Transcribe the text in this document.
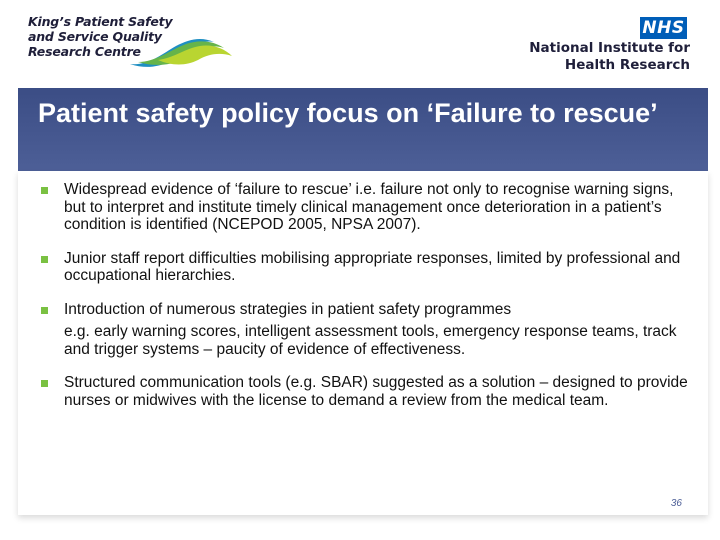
King’s Patient Safety
and Service Quality
Research Centre
NHS
National Institute for
Health Research
Patient safety policy focus on ‘Failure to rescue’
Widespread evidence of ‘failure to rescue’ i.e. failure not only to recognise warning signs, but to interpret and institute timely clinical management once deterioration in a patient’s condition is identified (NCEPOD 2005, NPSA 2007).
Junior staff report difficulties mobilising appropriate responses, limited by professional and occupational hierarchies.
Introduction of numerous strategies in patient safety programmes
e.g. early warning scores, intelligent assessment tools, emergency response teams, track and trigger systems – paucity of evidence of effectiveness.
Structured communication tools (e.g. SBAR) suggested as a solution – designed to provide nurses or midwives with the license to demand a review from the medical team.
36
